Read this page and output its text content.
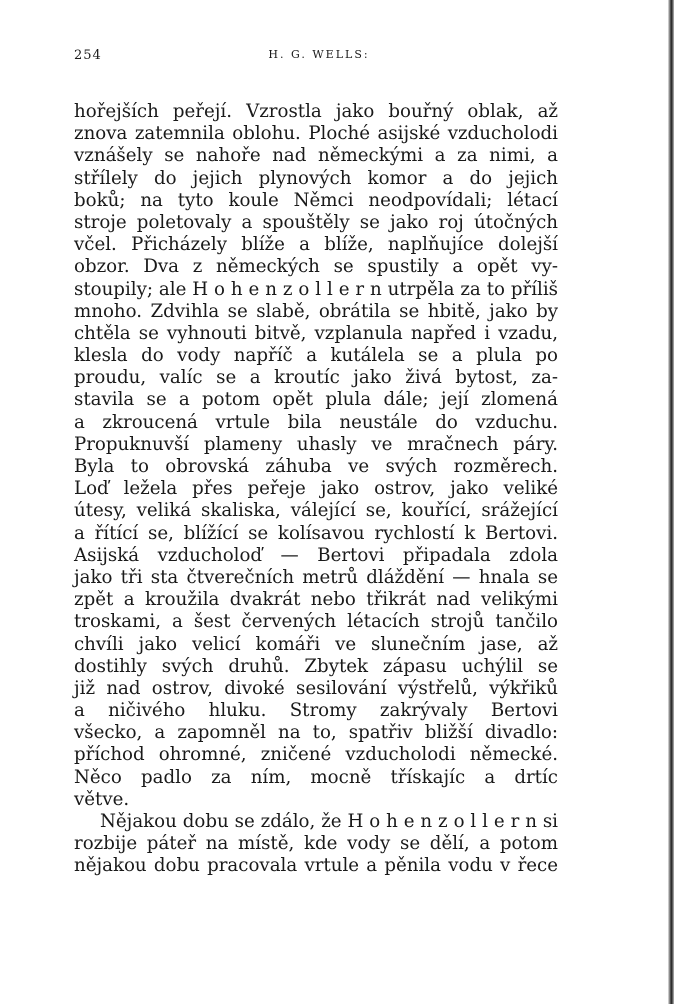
254	H. G. WELLS:
hořejších peřejí. Vzrostla jako bouřný oblak, až
znova zatemnila oblohu. Ploché asijské vzducholodi
vznášely se nahoře nad německými a za nimi, a
střílely do jejich plynových komor a do jejich
boků; na tyto koule Němci neodpovídali; létací
stroje poletovaly a spouštěly se jako roj útočných
včel. Přicházely blíže a blíže, naplňujíce dolejší
obzor. Dva z německých se spustily a opět vy-
stoupily; ale H o h e n z o l l e r n utrpěla za to příliš
mnoho. Zdvihla se slabě, obrátila se hbitě, jako by
chtěla se vyhnouti bitvě, vzplanula napřed i vzadu,
klesla do vody napříč a kutálela se a plula po
proudu, valíc se a kroutíc jako živá bytost, za-
stavila se a potom opět plula dále; její zlomená
a zkroucená vrtule bila neustále do vzduchu.
Propuknuvší plameny uhasly ve mračnech páry.
Byla to obrovská záhuba ve svých rozměrech.
Loď ležela přes peřeje jako ostrov, jako veliké
útesy, veliká skaliska, válející se, kouřící, srážející
a řítící se, blížící se kolísavou rychlostí k Bertovi.
Asijská vzducholoď — Bertovi připadala zdola
jako tři sta čtverečních metrů dláždění — hnala se
zpět a kroužila dvakrát nebo třikrát nad velikými
troskami, a šest červených létacích strojů tančilo
chvíli jako velicí komáři ve slunečním jase, až
dostihly svých druhů. Zbytek zápasu uchýlil se
již nad ostrov, divoké sesilování výstřelů, výkřiků
a ničivého hluku. Stromy zakrývaly Bertovi
všecko, a zapomněl na to, spatřiv bližší divadlo:
příchod ohromné, zničené vzducholodi německé.
Něco padlo za ním, mocně třískajíc a drtíc
větve.
Nějakou dobu se zdálo, že H o h e n z o l l e r n si
rozbije páteř na místě, kde vody se dělí, a potom
nějakou dobu pracovala vrtule a pěnila vodu v řece
